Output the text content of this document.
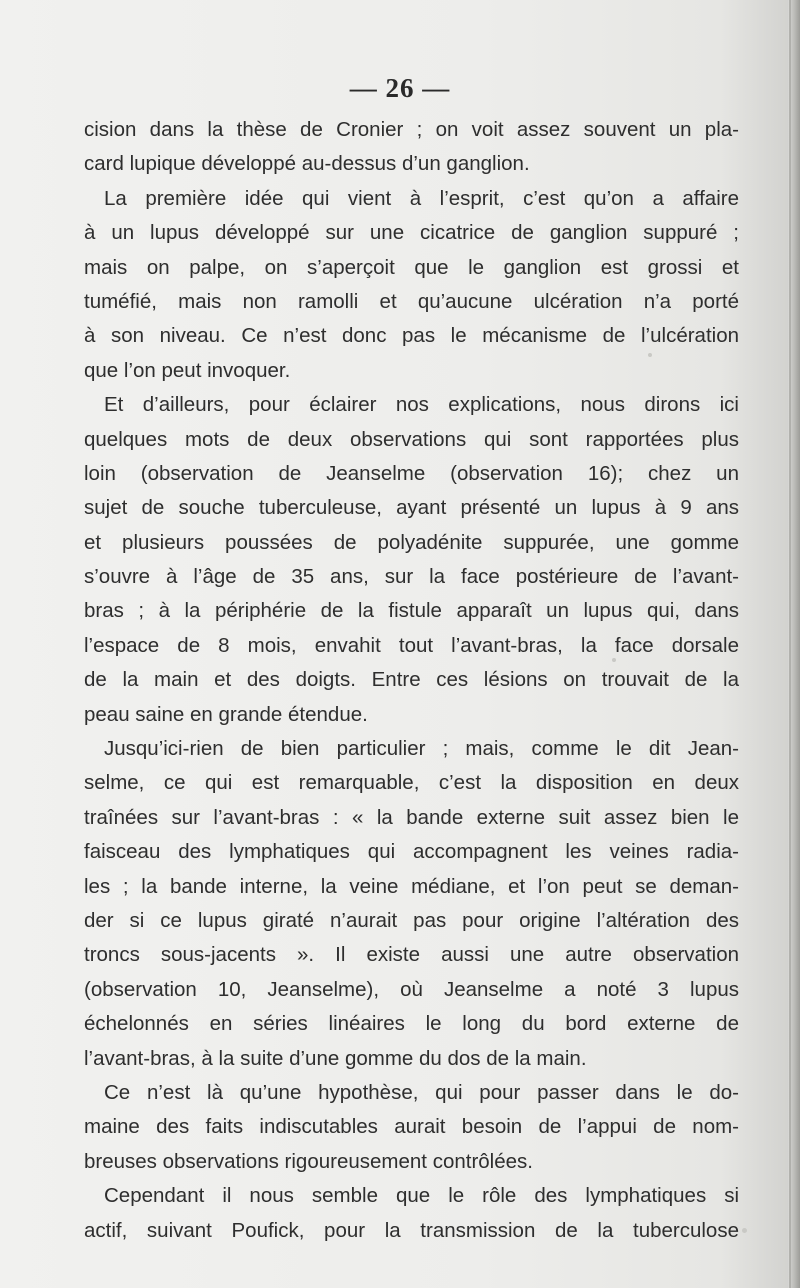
— 26 —
cision dans la thèse de Cronier ; on voit assez souvent un pla-
card lupique développé au-dessus d’un ganglion.
La première idée qui vient à l’esprit, c’est qu’on a affaire
à un lupus développé sur une cicatrice de ganglion suppuré ;
mais on palpe, on s’aperçoit que le ganglion est grossi et
tuméfié, mais non ramolli et qu’aucune ulcération n’a porté
à son niveau. Ce n’est donc pas le mécanisme de l’ulcération
que l’on peut invoquer.
Et d’ailleurs, pour éclairer nos explications, nous dirons ici
quelques mots de deux observations qui sont rapportées plus
loin (observation de Jeanselme (observation 16); chez un
sujet de souche tuberculeuse, ayant présenté un lupus à 9 ans
et plusieurs poussées de polyadénite suppurée, une gomme
s’ouvre à l’âge de 35 ans, sur la face postérieure de l’avant-
bras ; à la périphérie de la fistule apparaît un lupus qui, dans
l’espace de 8 mois, envahit tout l’avant-bras, la face dorsale
de la main et des doigts. Entre ces lésions on trouvait de la
peau saine en grande étendue.
Jusqu’ici-rien de bien particulier ; mais, comme le dit Jean-
selme, ce qui est remarquable, c’est la disposition en deux
traînées sur l’avant-bras : « la bande externe suit assez bien le
faisceau des lymphatiques qui accompagnent les veines radia-
les ; la bande interne, la veine médiane, et l’on peut se deman-
der si ce lupus giraté n’aurait pas pour origine l’altération des
troncs sous-jacents ». Il existe aussi une autre observation
(observation 10, Jeanselme), où Jeanselme a noté 3 lupus
échelonnés en séries linéaires le long du bord externe de
l’avant-bras, à la suite d’une gomme du dos de la main.
Ce n’est là qu’une hypothèse, qui pour passer dans le do-
maine des faits indiscutables aurait besoin de l’appui de nom-
breuses observations rigoureusement contrôlées.
Cependant il nous semble que le rôle des lymphatiques si
actif, suivant Poufick, pour la transmission de la tuberculose
